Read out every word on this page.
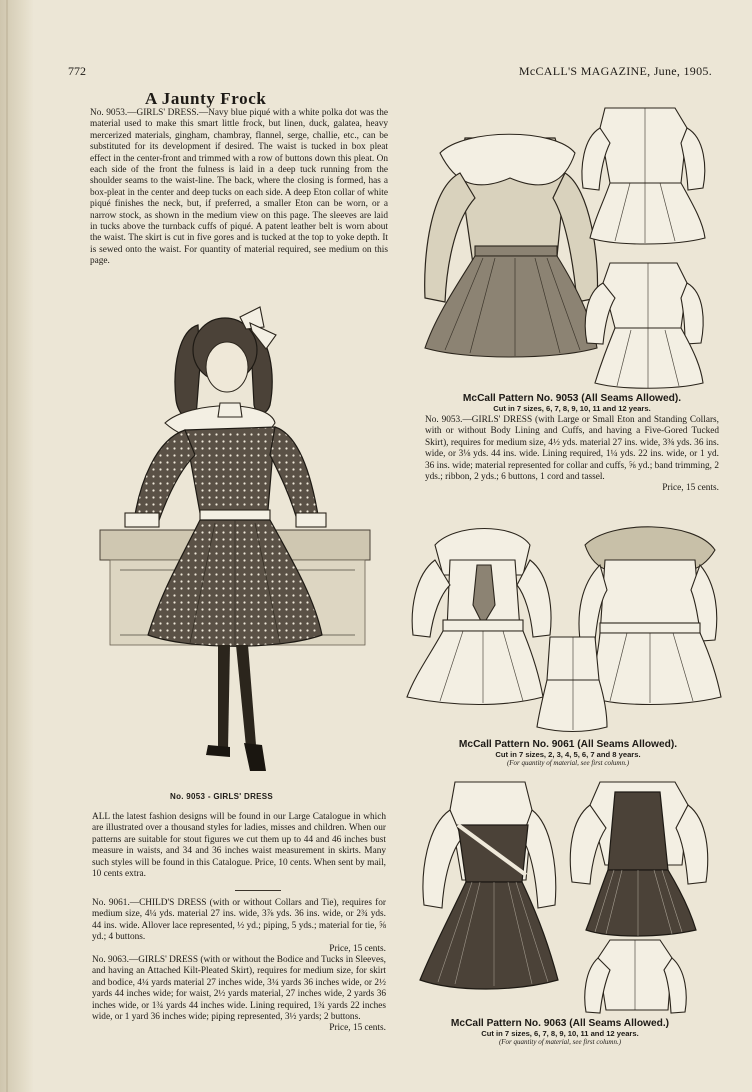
772	McCALL'S MAGAZINE, June, 1905.
A Jaunty Frock
No. 9053.—GIRLS' DRESS.—Navy blue piqué with a white polka dot was the material used to make this smart little frock, but linen, duck, galatea, heavy mercerized materials, gingham, chambray, flannel, serge, challie, etc., can be substituted for its development if desired. The waist is tucked in box pleat effect in the center-front and trimmed with a row of buttons down this pleat. On each side of the front the fulness is laid in a deep tuck running from the shoulder seams to the waist-line. The back, where the closing is formed, has a box-pleat in the center and deep tucks on each side. A deep Eton collar of white piqué finishes the neck, but, if preferred, a smaller Eton can be worn, or a narrow stock, as shown in the medium view on this page. The sleeves are laid in tucks above the turnback cuffs of piqué. A patent leather belt is worn about the waist. The skirt is cut in five gores and is tucked at the top to yoke depth. It is sewed onto the waist. For quantity of material required, see medium on this page.
No. 9053 - GIRLS' DRESS
ALL the latest fashion designs will be found in our Large Catalogue in which are illustrated over a thousand styles for ladies, misses and children. When our patterns are suitable for stout figures we cut them up to 44 and 46 inches bust measure in waists, and 34 and 36 inches waist measurement in skirts. Many such styles will be found in this Catalogue. Price, 10 cents. When sent by mail, 10 cents extra.
No. 9061.—CHILD'S DRESS (with or without Collars and Tie), requires for medium size, 4¼ yds. material 27 ins. wide, 3⅞ yds. 36 ins. wide, or 2¾ yds. 44 ins. wide. Allover lace represented, ½ yd.; piping, 5 yds.; material for tie, ⅝ yd.; 4 buttons.
Price, 15 cents.
No. 9063.—GIRLS' DRESS (with or without the Bodice and Tucks in Sleeves, and having an Attached Kilt-Pleated Skirt), requires for medium size, for skirt and bodice, 4¼ yards material 27 inches wide, 3¼ yards 36 inches wide, or 2½ yards 44 inches wide; for waist, 2½ yards material, 27 inches wide, 2 yards 36 inches wide, or 1¾ yards 44 inches wide. Lining required, 1¾ yards 22 inches wide, or 1 yard 36 inches wide; piping represented, 3½ yards; 2 buttons.
Price, 15 cents.
McCall Pattern No. 9053 (All Seams Allowed).
Cut in 7 sizes, 6, 7, 8, 9, 10, 11 and 12 years.
No. 9053.—GIRLS' DRESS (with Large or Small Eton and Standing Collars, with or without Body Lining and Cuffs, and having a Five-Gored Tucked Skirt), requires for medium size, 4½ yds. material 27 ins. wide, 3⅜ yds. 36 ins. wide, or 3⅛ yds. 44 ins. wide. Lining required, 1¼ yds. 22 ins. wide, or 1 yd. 36 ins. wide; material represented for collar and cuffs, ⅝ yd.; band trimming, 2 yds.; ribbon, 2 yds.; 6 buttons, 1 cord and tassel.
Price, 15 cents.
McCall Pattern No. 9061 (All Seams Allowed).
Cut in 7 sizes, 2, 3, 4, 5, 6, 7 and 8 years.
(For quantity of material, see first column.)
McCall Pattern No. 9063 (All Seams Allowed.)
Cut in 7 sizes, 6, 7, 8, 9, 10, 11 and 12 years.
(For quantity of material, see first column.)
